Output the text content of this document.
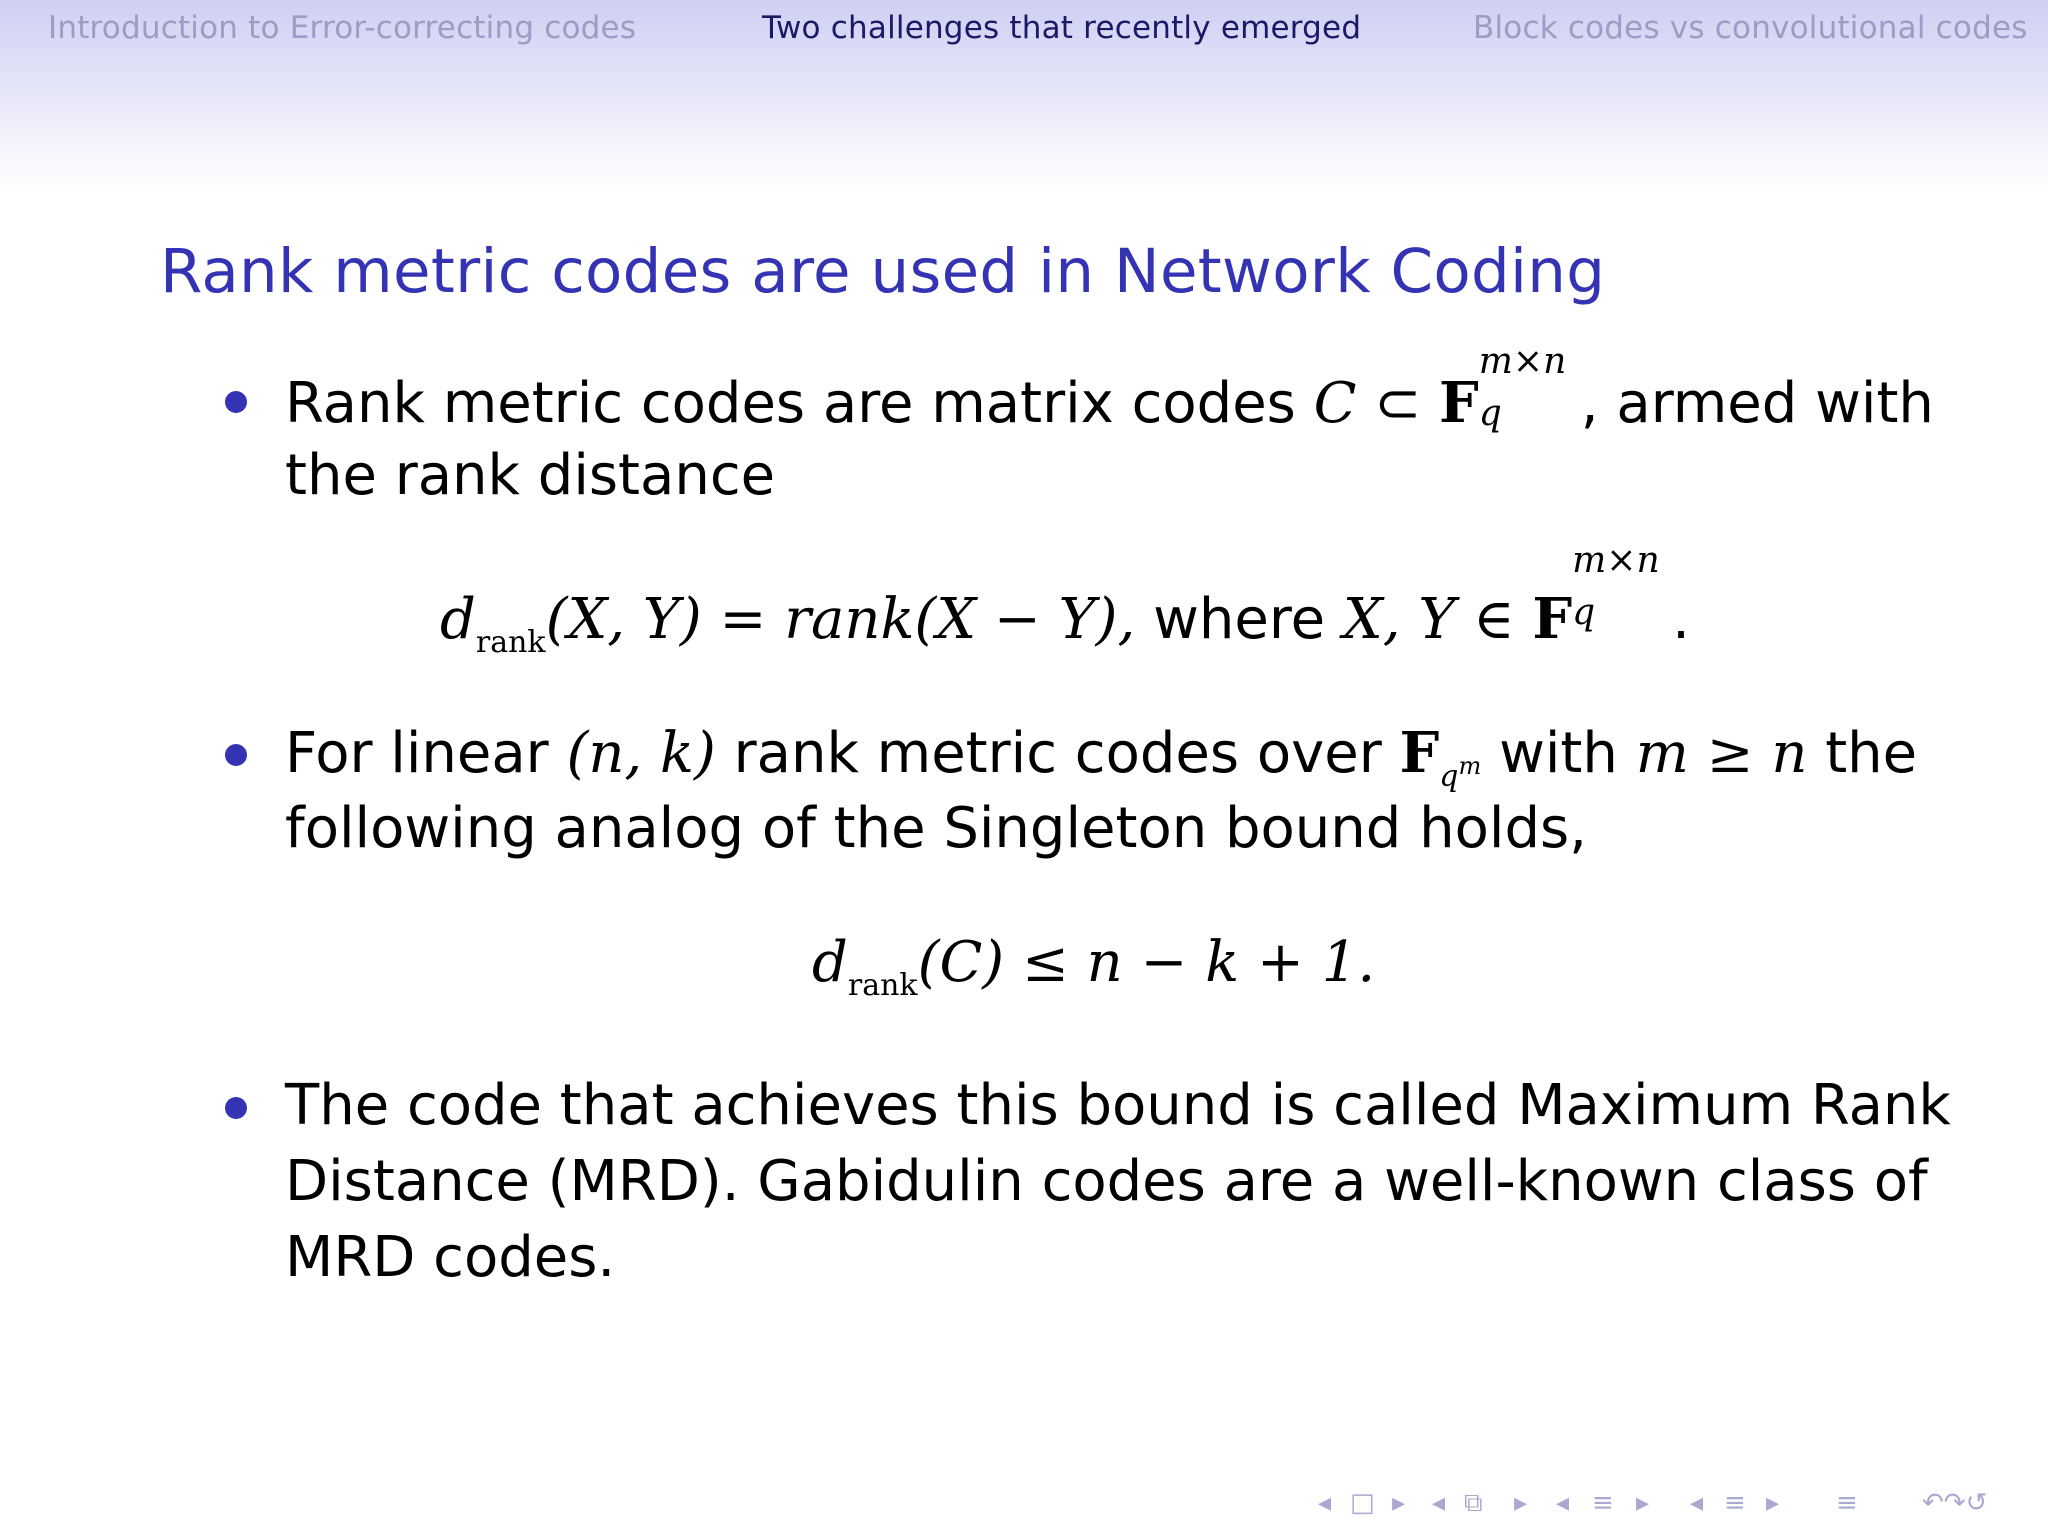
Introduction to Error-correcting codes	Two challenges that recently emerged	Block codes vs convolutional codes
Rank metric codes are used in Network Coding
Rank metric codes are matrix codes C ⊂ F
m×n
q , armed with
the rank distance
$d_{rank}(X$, Y) = rank(X − Y), where X, Y ∈ F
m×n
q .
For linear (n, k) rank metric codes over $F_qm$ with m ≥ n the
following analog of the Singleton bound holds,
$d_{rank}(C) \le n - k + 1$.
The code that achieves this bound is called Maximum Rank
Distance (MRD). Gabidulin codes are a well-known class of
MRD codes.
◂ □ ▸ ◂ ⧉ ▸ ◂ ≡ ▸ ◂ ≡ ▸ ≡ ↶↷↺
